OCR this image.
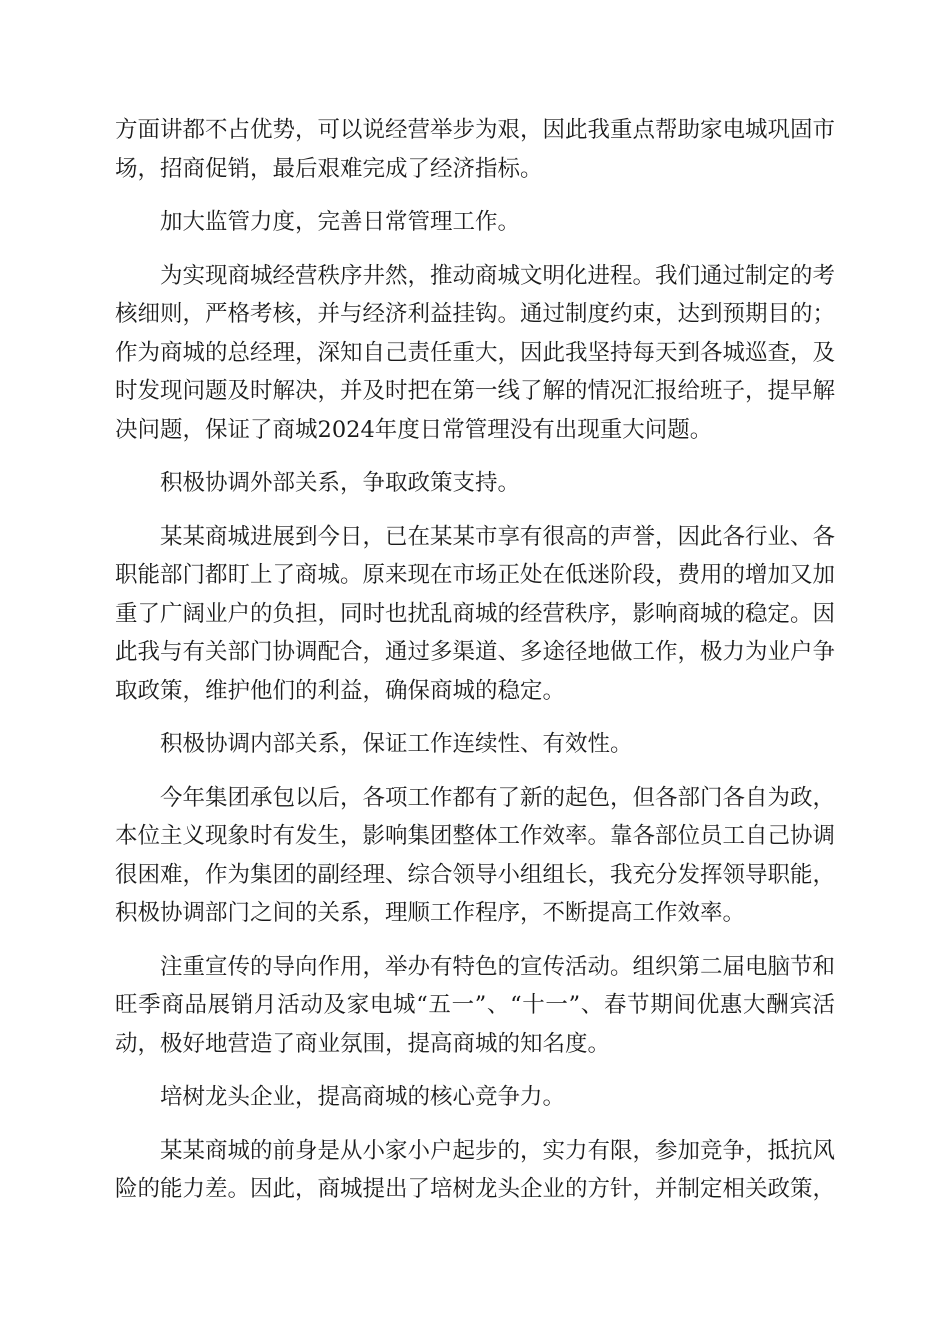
方面讲都不占优势，可以说经营举步为艰，因此我重点帮助家电城巩固市场，招商促销，最后艰难完成了经济指标。

加大监管力度，完善日常管理工作。

为实现商城经营秩序井然，推动商城文明化进程。我们通过制定的考核细则，严格考核，并与经济利益挂钩。通过制度约束，达到预期目的；作为商城的总经理，深知自己责任重大，因此我坚持每天到各城巡查，及时发现问题及时解决，并及时把在第一线了解的情况汇报给班子，提早解决问题，保证了商城2024年度日常管理没有出现重大问题。

积极协调外部关系，争取政策支持。

某某商城进展到今日，已在某某市享有很高的声誉，因此各行业、各职能部门都盯上了商城。原来现在市场正处在低迷阶段，费用的增加又加重了广阔业户的负担，同时也扰乱商城的经营秩序，影响商城的稳定。因此我与有关部门协调配合，通过多渠道、多途径地做工作，极力为业户争取政策，维护他们的利益，确保商城的稳定。

积极协调内部关系，保证工作连续性、有效性。

今年集团承包以后，各项工作都有了新的起色，但各部门各自为政，本位主义现象时有发生，影响集团整体工作效率。靠各部位员工自己协调很困难，作为集团的副经理、综合领导小组组长，我充分发挥领导职能，积极协调部门之间的关系，理顺工作程序，不断提高工作效率。

注重宣传的导向作用，举办有特色的宣传活动。组织第二届电脑节和旺季商品展销月活动及家电城“五一”、“十一”、春节期间优惠大酬宾活动，极好地营造了商业氛围，提高商城的知名度。

培树龙头企业，提高商城的核心竞争力。

某某商城的前身是从小家小户起步的，实力有限，参加竞争，抵抗风险的能力差。因此，商城提出了培树龙头企业的方针，并制定相关政策，
